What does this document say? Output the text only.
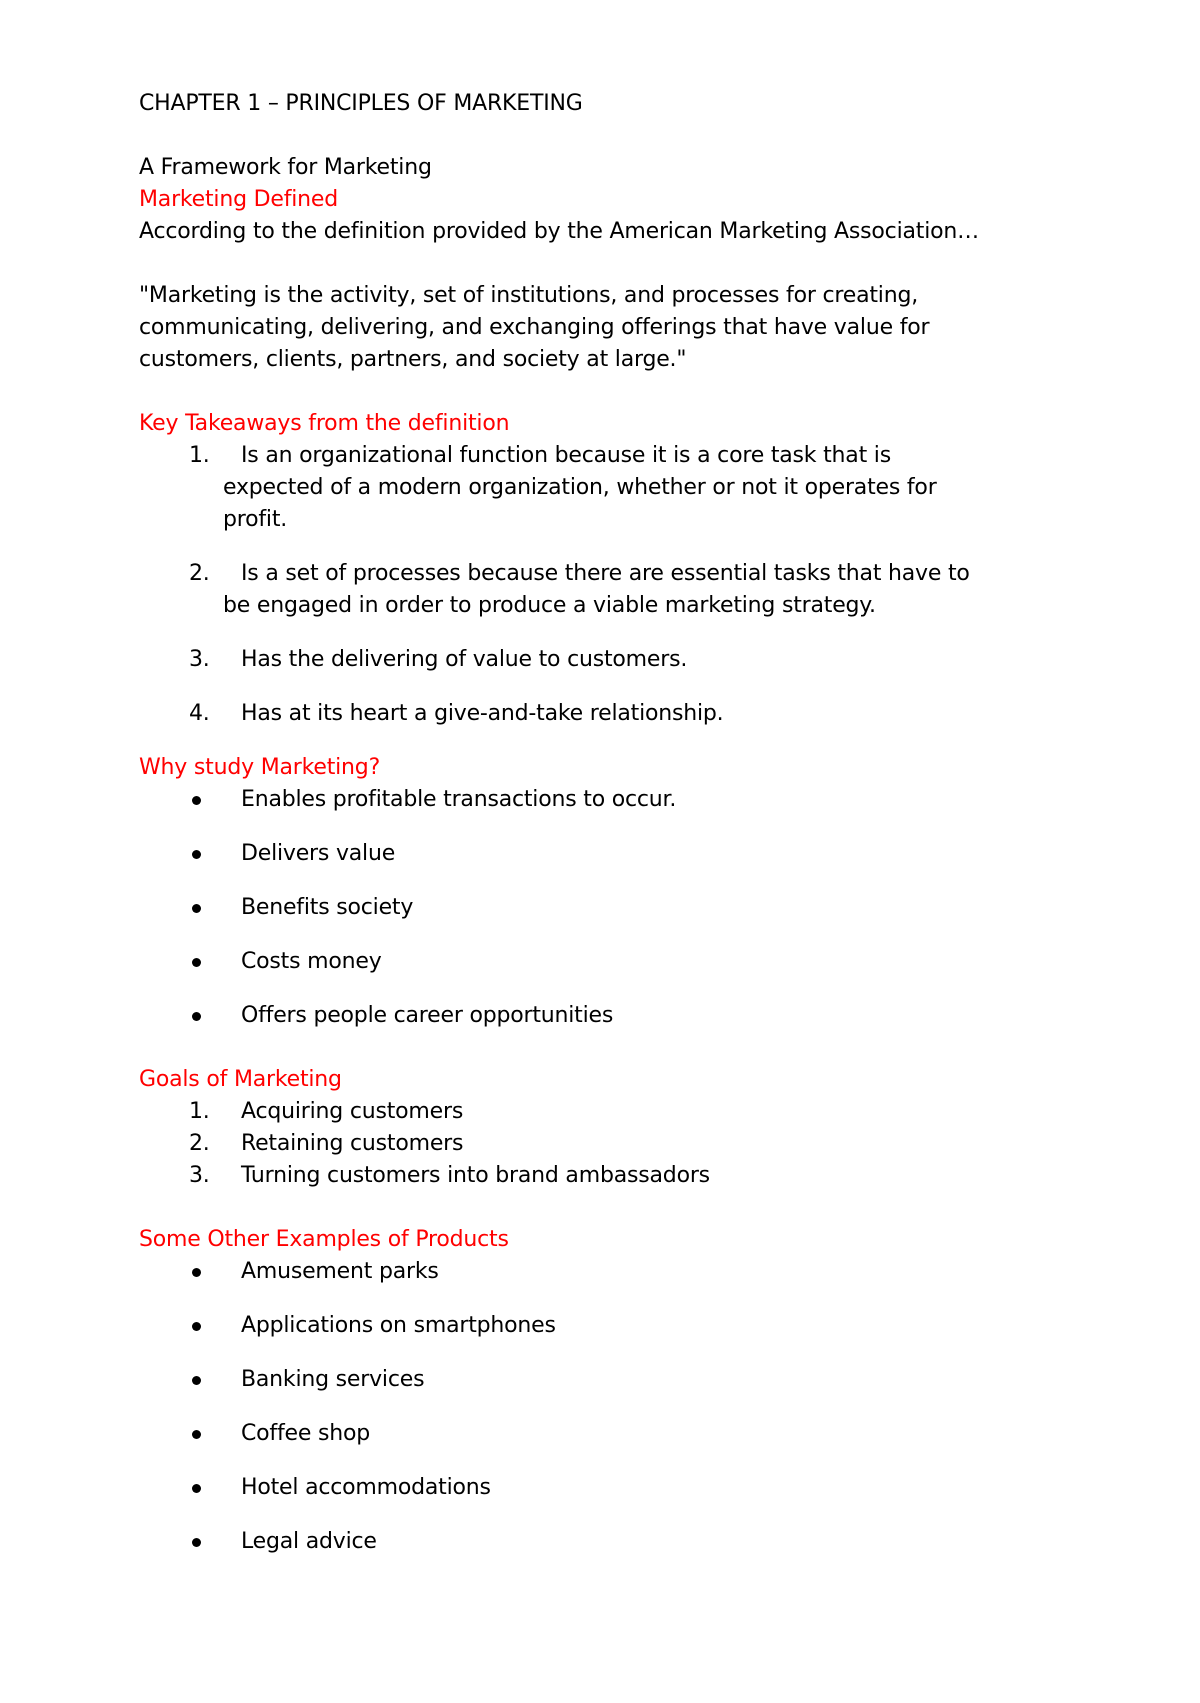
CHAPTER 1 – PRINCIPLES OF MARKETING

A Framework for Marketing

Marketing Defined

According to the definition provided by the American Marketing Association…

"Marketing is the activity, set of institutions, and processes for creating,

communicating, delivering, and exchanging offerings that have value for

customers, clients, partners, and society at large."

Key Takeaways from the definition

1.	Is an organizational function because it is a core task that is
expected of a modern organization, whether or not it operates for
profit.
2.	Is a set of processes because there are essential tasks that have to
be engaged in order to produce a viable marketing strategy.
3.	Has the delivering of value to customers.
4.	Has at its heart a give-and-take relationship.

Why study Marketing?

Enables profitable transactions to occur.
Delivers value
Benefits society
Costs money
Offers people career opportunities

Goals of Marketing

1.	Acquiring customers
2.	Retaining customers
3.	Turning customers into brand ambassadors

Some Other Examples of Products

Amusement parks
Applications on smartphones
Banking services
Coffee shop
Hotel accommodations
Legal advice
